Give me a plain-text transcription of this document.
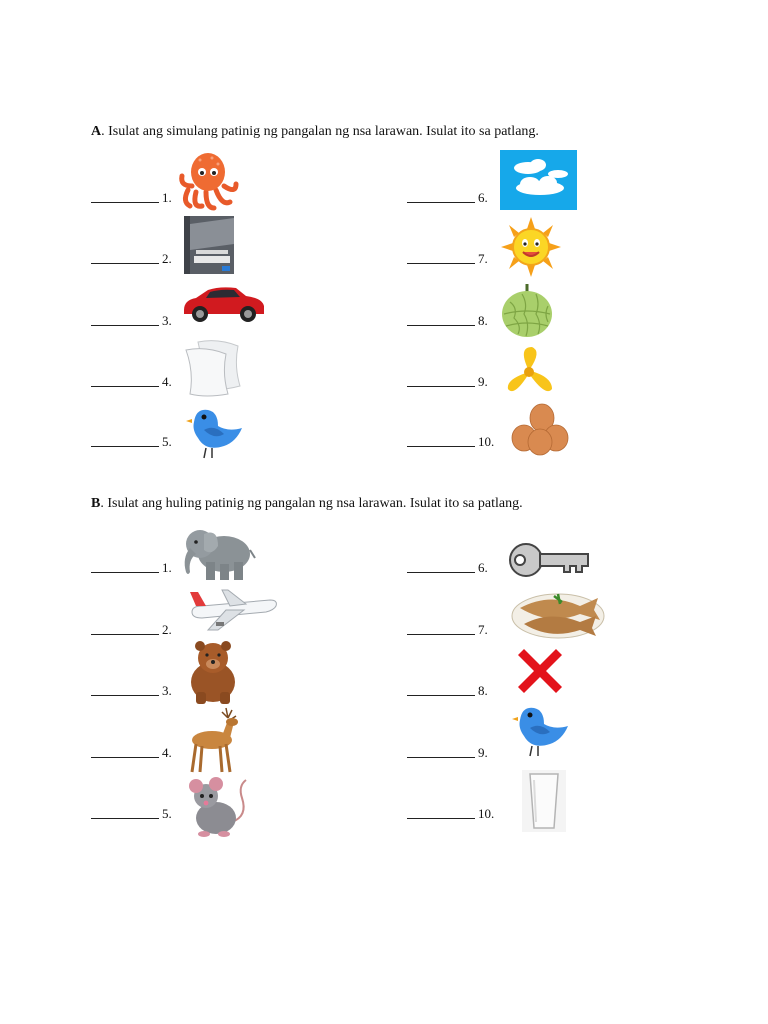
A. Isulat ang simulang patinig ng pangalan ng nsa larawan. Isulat ito sa patlang.
1.
2.
3.
4.
5.
6.
7.
8.
9.
10.
B. Isulat ang huling patinig ng pangalan ng nsa larawan. Isulat ito sa patlang.
1.
2.
3.
4.
5.
6.
7.
8.
9.
10.
